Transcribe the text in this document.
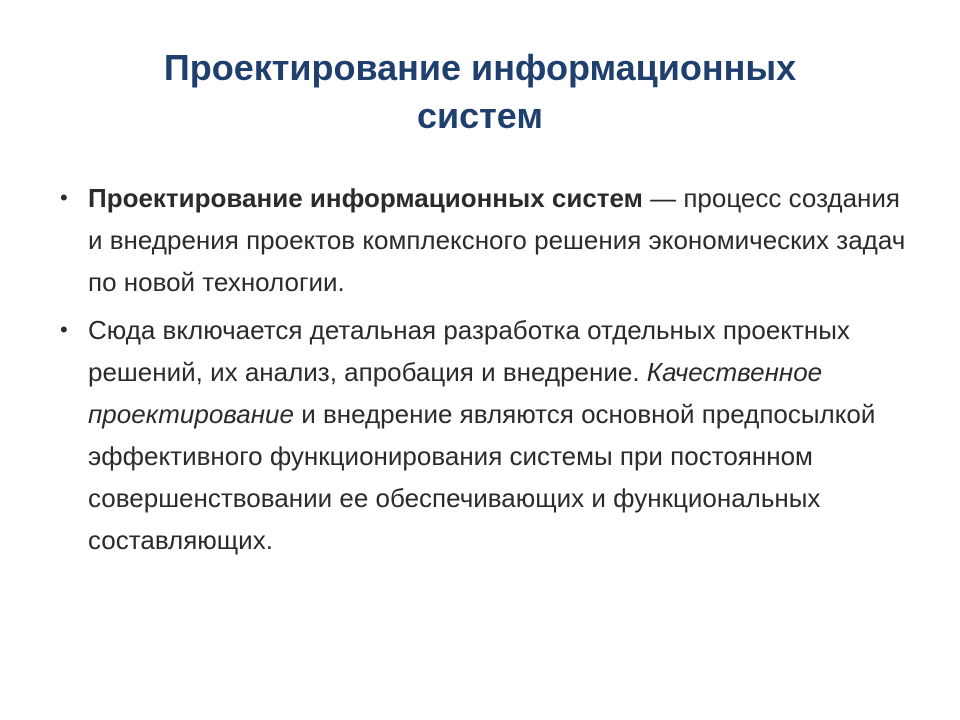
Проектирование информационных
систем
• Проектирование информационных систем — процесс создания и внедрения проектов комплексного решения экономических задач по новой технологии.
• Сюда включается детальная разработка отдельных проектных решений, их анализ, апробация и внедрение. Качественное проектирование и внедрение являются основной предпосылкой эффективного функционирования системы при постоянном совершенствовании ее обеспечивающих и функциональных составляющих.
